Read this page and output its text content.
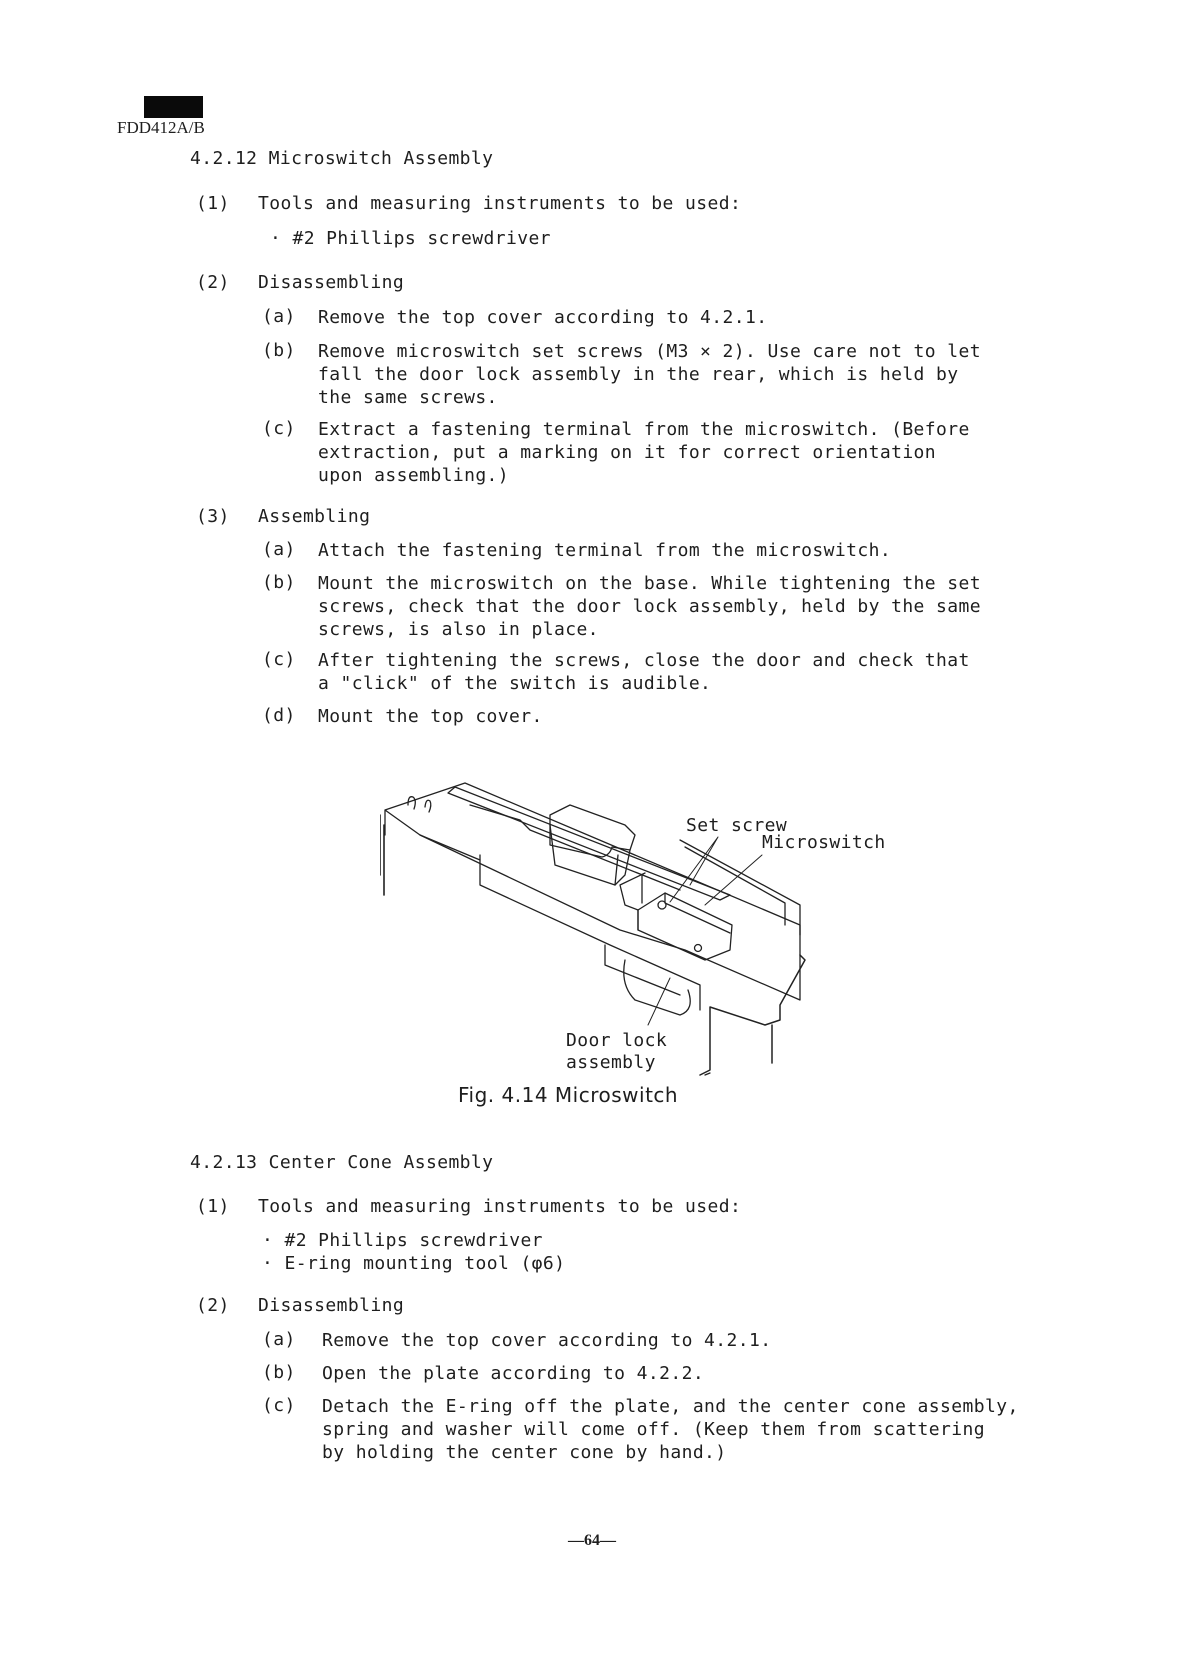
FDD412A/B
4.2.12 Microswitch Assembly
(1) Tools and measuring instruments to be used:
· #2 Phillips screwdriver
(2) Disassembling
(a) Remove the top cover according to 4.2.1.
(b) Remove microswitch set screws (M3 × 2). Use care not to let
fall the door lock assembly in the rear, which is held by
the same screws.
(c) Extract a fastening terminal from the microswitch. (Before
extraction, put a marking on it for correct orientation
upon assembling.)
(3) Assembling
(a) Attach the fastening terminal from the microswitch.
(b) Mount the microswitch on the base. While tightening the set
screws, check that the door lock assembly, held by the same
screws, is also in place.
(c) After tightening the screws, close the door and check that
a "click" of the switch is audible.
(d) Mount the top cover.
Set screw
Microswitch
Door lock
assembly
Fig. 4.14 Microswitch
4.2.13 Center Cone Assembly
(1) Tools and measuring instruments to be used:
· #2 Phillips screwdriver
· E-ring mounting tool (φ6)
(2) Disassembling
(a) Remove the top cover according to 4.2.1.
(b) Open the plate according to 4.2.2.
(c) Detach the E-ring off the plate, and the center cone assembly,
spring and washer will come off. (Keep them from scattering
by holding the center cone by hand.)
—64—
